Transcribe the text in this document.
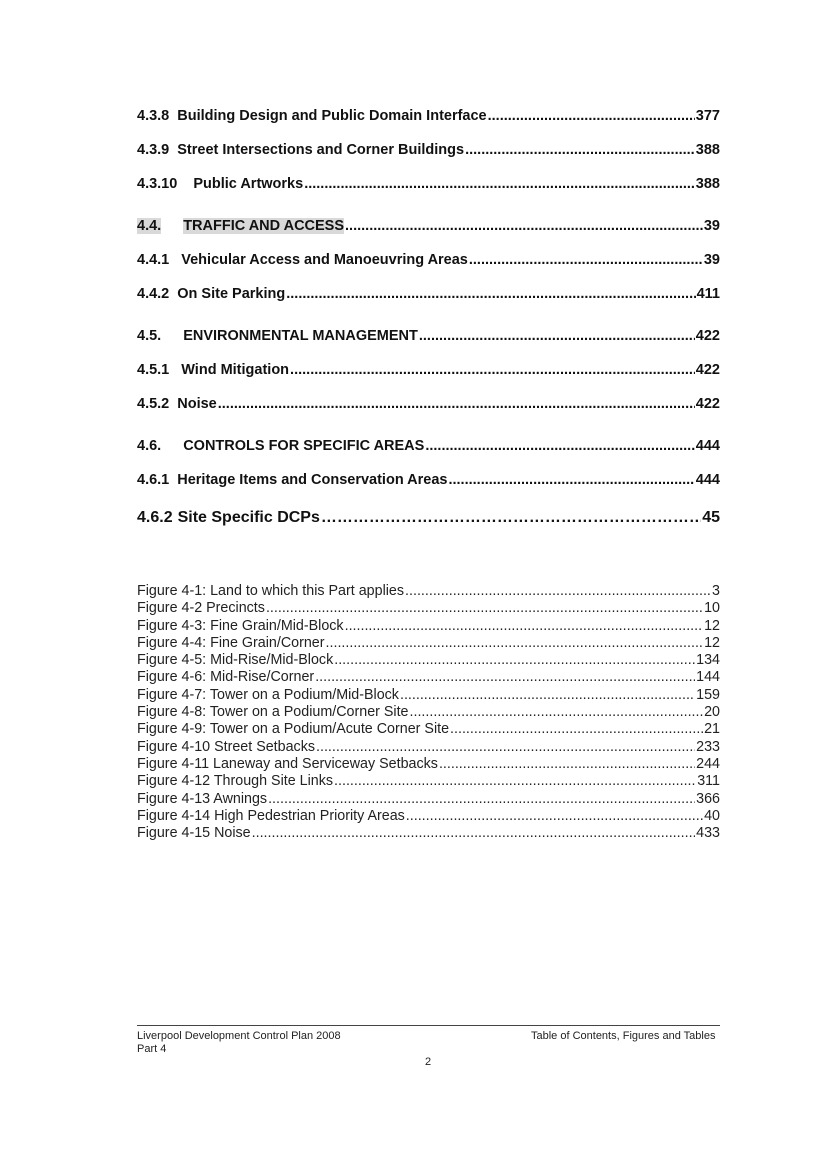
4.3.8 Building Design and Public Domain Interface .....	377
4.3.9 Street Intersections and Corner Buildings .....	388
4.3.10 Public Artworks .....	388
4.4. TRAFFIC AND ACCESS .....	39
4.4.1 Vehicular Access and Manoeuvring Areas .....	39
4.4.2 On Site Parking .....	411
4.5. ENVIRONMENTAL MANAGEMENT .....	422
4.5.1 Wind Mitigation .....	422
4.5.2 Noise .....	422
4.6. CONTROLS FOR SPECIFIC AREAS .....	444
4.6.1 Heritage Items and Conservation Areas .....	444
4.6.2 Site Specific DCPs …………………………………………………………………………………………………………………………	45
Figure 4-1: Land to which this Part applies .....	3
Figure 4-2 Precincts .....	10
Figure 4-3: Fine Grain/Mid-Block .....	12
Figure 4-4: Fine Grain/Corner .....	12
Figure 4-5: Mid-Rise/Mid-Block .....	134
Figure 4-6: Mid-Rise/Corner .....	144
Figure 4-7: Tower on a Podium/Mid-Block .....	159
Figure 4-8: Tower on a Podium/Corner Site .....	20
Figure 4-9: Tower on a Podium/Acute Corner Site .....	21
Figure 4-10 Street Setbacks .....	233
Figure 4-11 Laneway and Serviceway Setbacks .....	244
Figure 4-12 Through Site Links .....	311
Figure 4-13 Awnings .....	366
Figure 4-14 High Pedestrian Priority Areas .....	40
Figure 4-15 Noise .....	433
Liverpool Development Control Plan 2008
Part 4
Table of Contents, Figures and Tables
2
